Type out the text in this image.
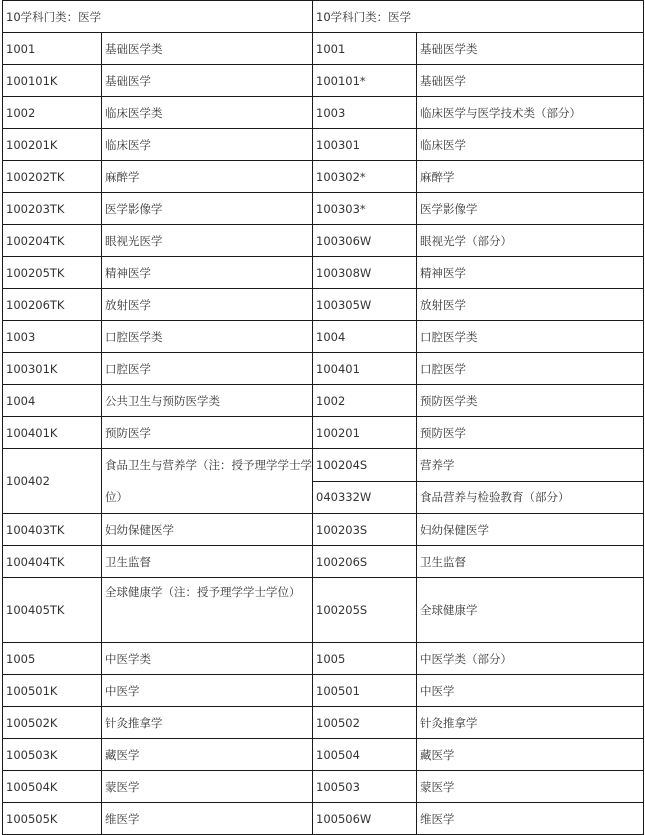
10学科门类：医学		10学科门类：医学	
1001	基础医学类	1001	基础医学类
100101K	基础医学	100101*	基础医学
1002	临床医学类	1003	临床医学与医学技术类（部分）
100201K	临床医学	100301	临床医学
100202TK	麻醉学	100302*	麻醉学
100203TK	医学影像学	100303*	医学影像学
100204TK	眼视光医学	100306W	眼视光学（部分）
100205TK	精神医学	100308W	精神医学
100206TK	放射医学	100305W	放射医学
1003	口腔医学类	1004	口腔医学类
100301K	口腔医学	100401	口腔医学
1004	公共卫生与预防医学类	1002	预防医学类
100401K	预防医学	100201	预防医学
100402	食品卫生与营养学（注：授予理学学士学位）	100204S	营养学
		040332W	食品营养与检验教育（部分）
100403TK	妇幼保健医学	100203S	妇幼保健医学
100404TK	卫生监督	100206S	卫生监督
100405TK	全球健康学（注：授予理学学士学位）	100205S	全球健康学
1005	中医学类	1005	中医学类（部分）
100501K	中医学	100501	中医学
100502K	针灸推拿学	100502	针灸推拿学
100503K	藏医学	100504	藏医学
100504K	蒙医学	100503	蒙医学
100505K	维医学	100506W	维医学
